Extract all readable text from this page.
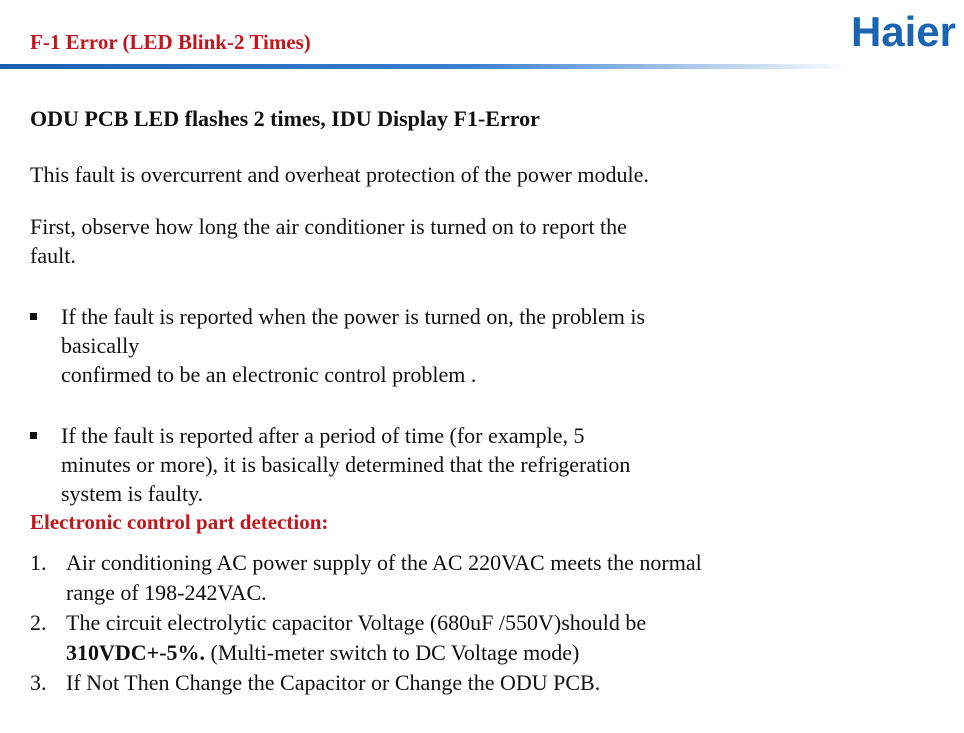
F-1 Error (LED Blink-2 Times)	Haier
ODU PCB LED flashes 2 times, IDU Display F1-Error
This fault is overcurrent and overheat protection of the power module.
First, observe how long the air conditioner is turned on to report the
fault.
If the fault is reported when the power is turned on, the problem is
basically
confirmed to be an electronic control problem .
If the fault is reported after a period of time (for example, 5
minutes or more), it is basically determined that the refrigeration
system is faulty.
Electronic control part detection:
1. Air conditioning AC power supply of the AC 220VAC meets the normal
range of 198-242VAC.
2. The circuit electrolytic capacitor Voltage (680uF /550V)should be
310VDC+-5%. (Multi-meter switch to DC Voltage mode)
3. If Not Then Change the Capacitor or Change the ODU PCB.
